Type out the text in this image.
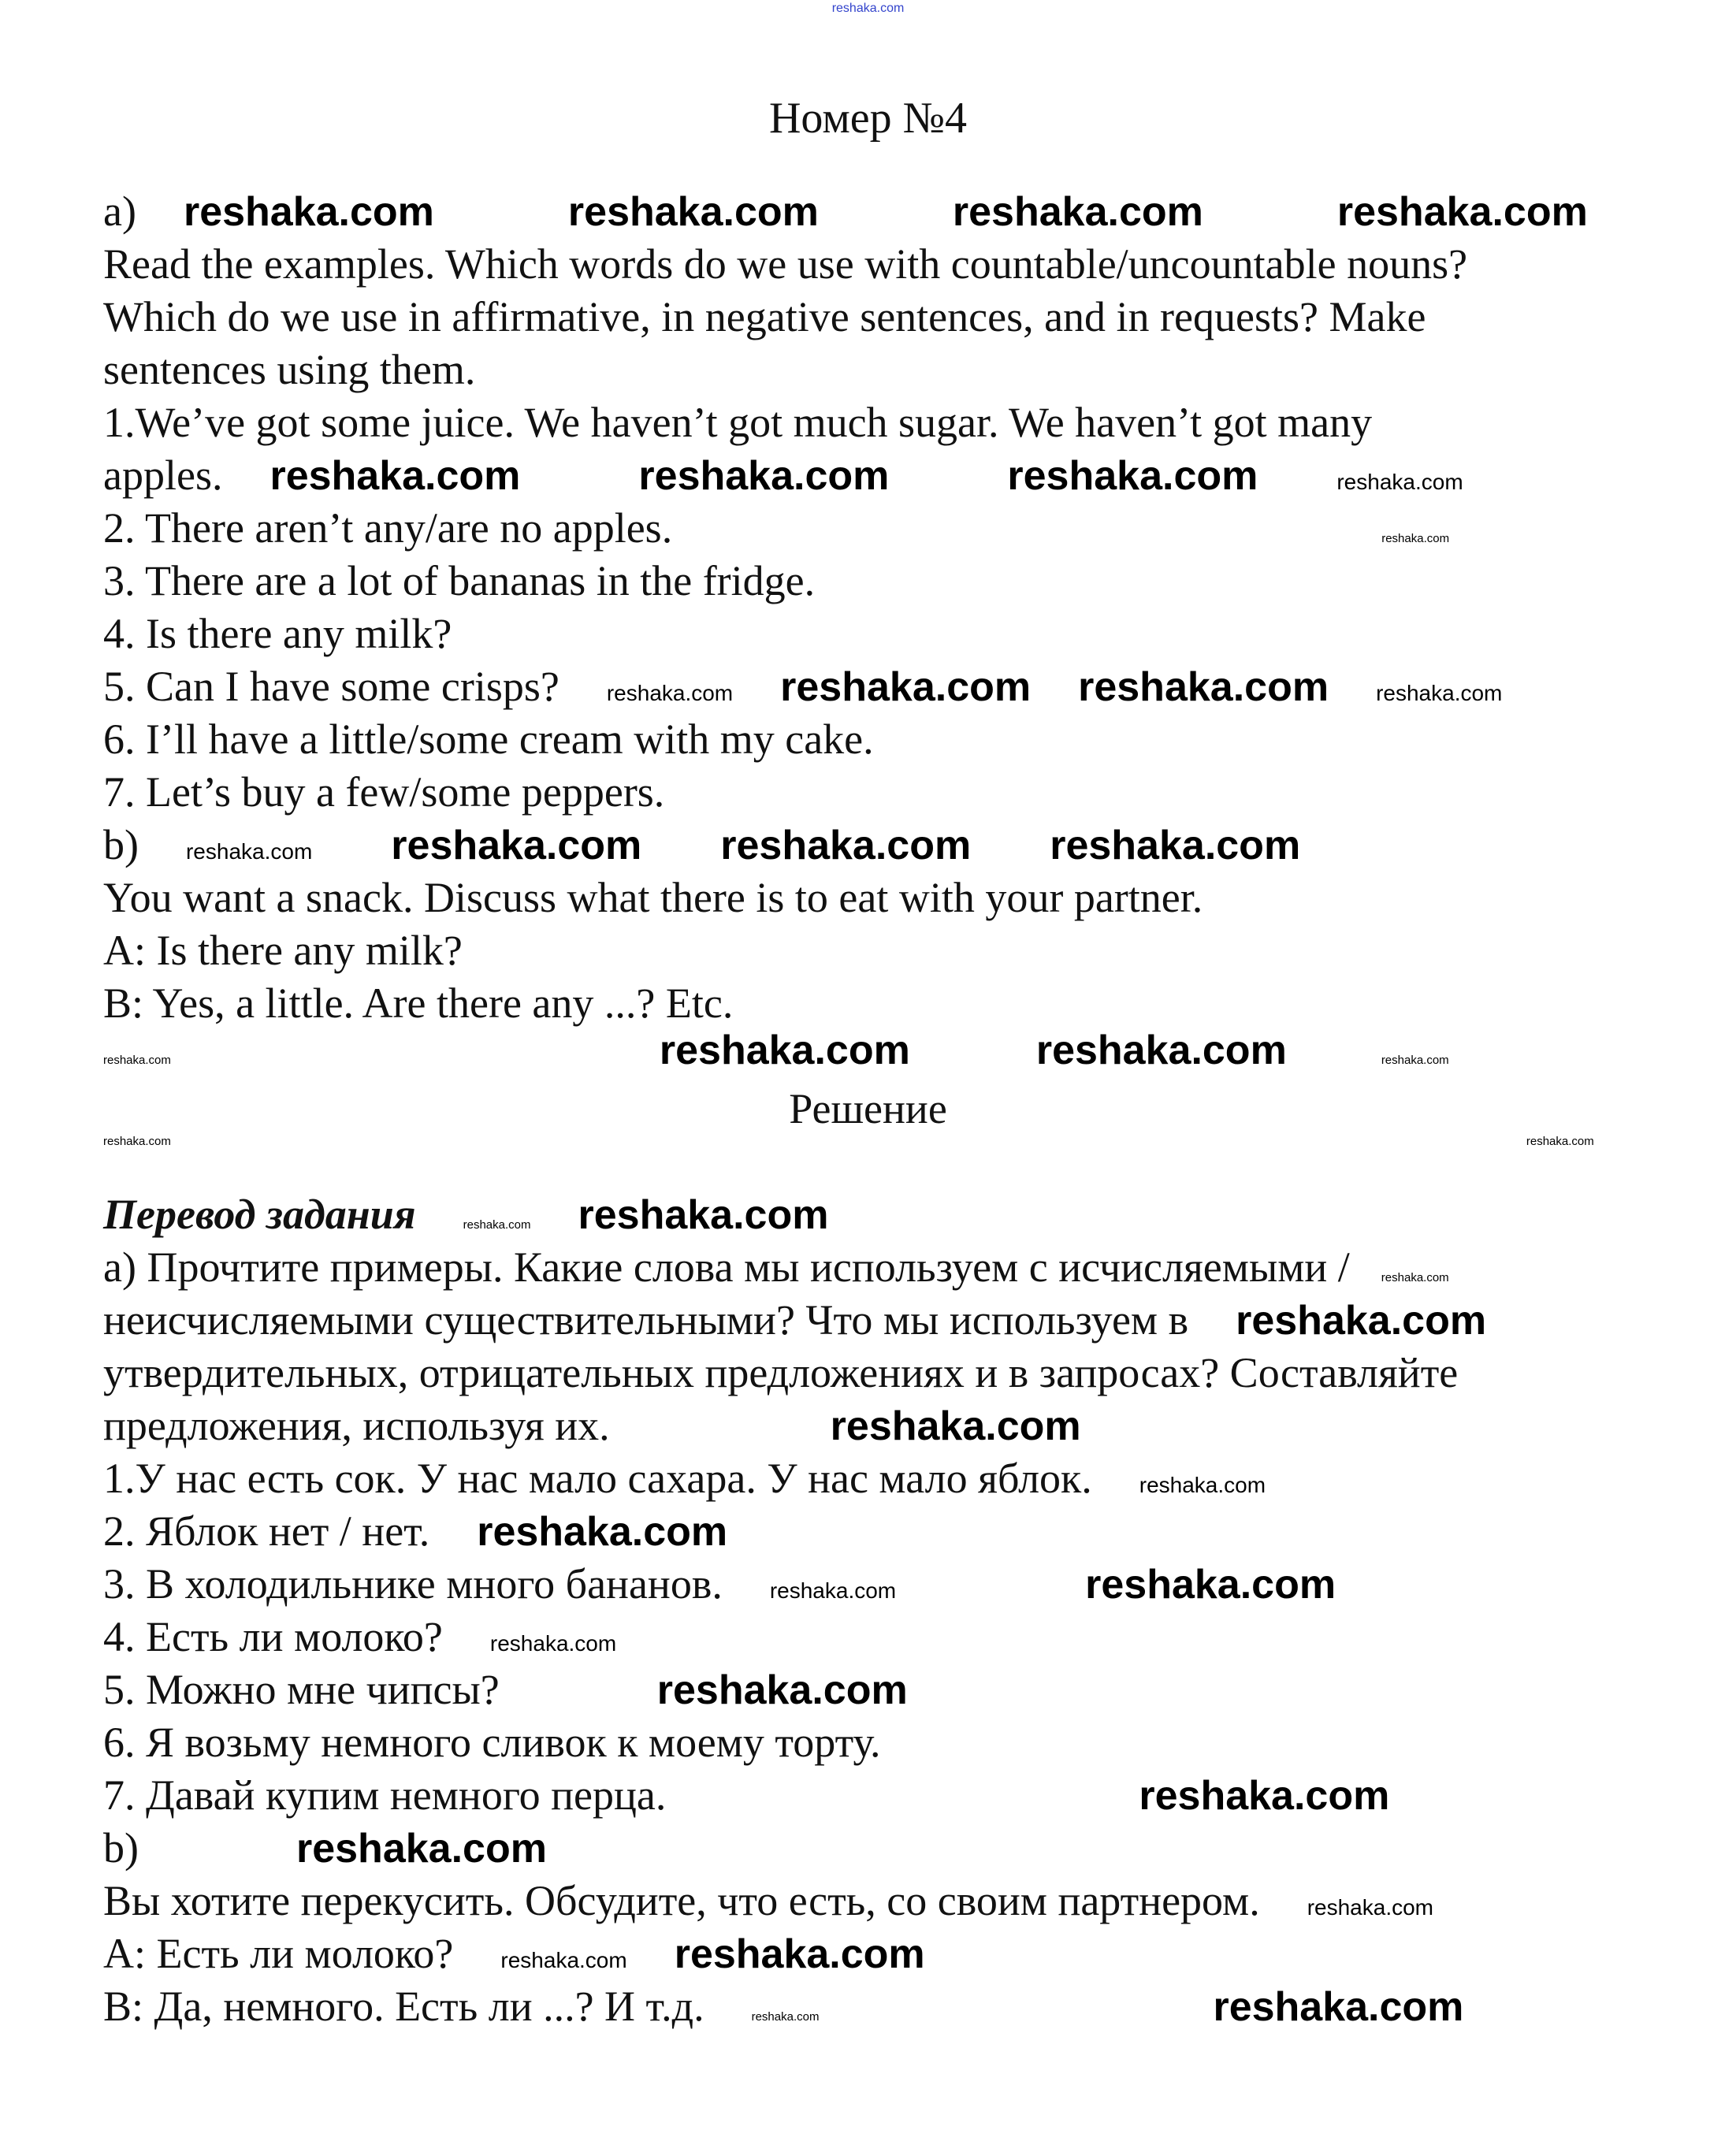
reshaka.com
Номер №4
a) reshaka.com	reshaka.com	reshaka.com	reshaka.com
Read the examples. Which words do we use with countable/uncountable nouns?
Which do we use in affirmative, in negative sentences, and in requests? Make
sentences using them.
1.We’ve got some juice. We haven’t got much sugar. We haven’t got many
apples. reshaka.com	reshaka.com	reshaka.com	reshaka.com
2. There aren’t any/are no apples.	reshaka.com
3. There are a lot of bananas in the fridge.
4. Is there any milk?
5. Can I have some crisps? reshaka.com reshaka.com reshaka.com reshaka.com
6. I’ll have a little/some cream with my cake.
7. Let’s buy a few/some peppers.
b) reshaka.com reshaka.com reshaka.com reshaka.com
You want a snack. Discuss what there is to eat with your partner.
A: Is there any milk?
B: Yes, a little. Are there any ...? Etc.
reshaka.com	reshaka.com	reshaka.com	reshaka.com
Решение
reshaka.com	reshaka.com
Перевод задания	reshaka.com reshaka.com
а) Прочтите примеры. Какие слова мы используем с исчисляемыми /	reshaka.com
неисчисляемыми существительными? Что мы используем в reshaka.com
утвердительных, отрицательных предложениях и в запросах? Составляйте
предложения, используя их.	reshaka.com
1.У нас есть сок. У нас мало сахара. У нас мало яблок. reshaka.com
2. Яблок нет / нет. reshaka.com
3. В холодильнике много бананов. reshaka.com	reshaka.com
4. Есть ли молоко? reshaka.com
5. Можно мне чипсы?	reshaka.com
6. Я возьму немного сливок к моему торту.
7. Давай купим немного перца.	reshaka.com
b)	reshaka.com
Вы хотите перекусить. Обсудите, что есть, со своим партнером. reshaka.com
А: Есть ли молоко? reshaka.com reshaka.com
В: Да, немного. Есть ли ...? И т.д.	reshaka.com	reshaka.com
